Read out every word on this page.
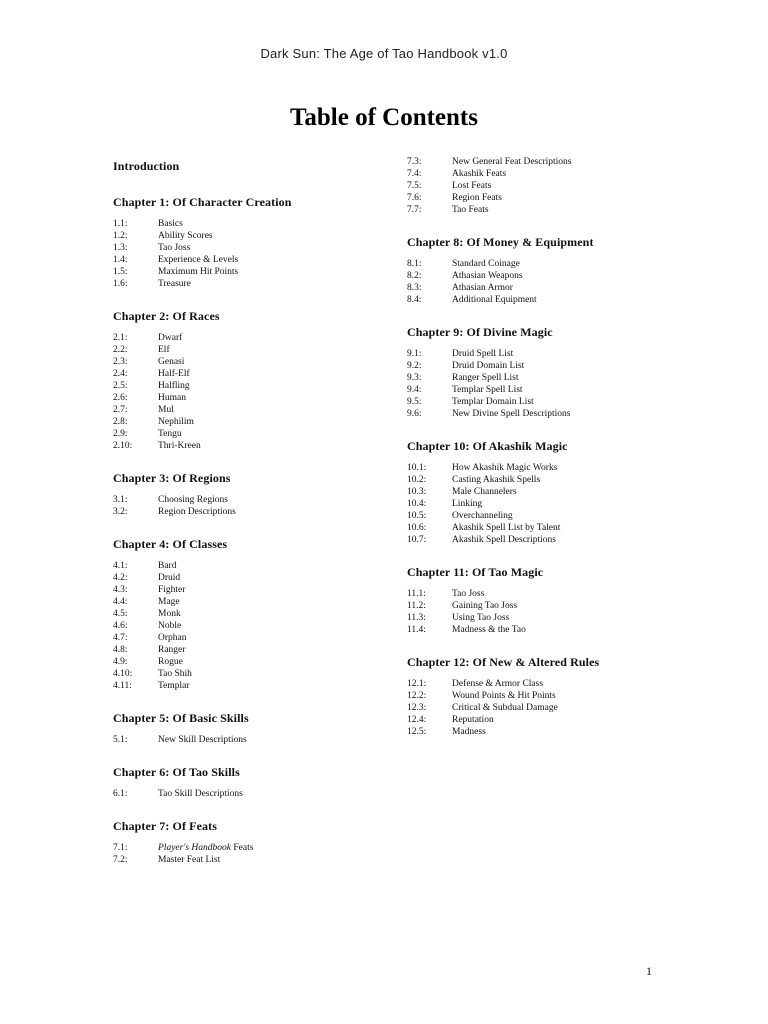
Dark Sun: The Age of Tao Handbook v1.0
Table of Contents
Introduction
Chapter 1: Of Character Creation
1.1:	Basics
1.2:	Ability Scores
1.3:	Tao Joss
1.4:	Experience & Levels
1.5:	Maximum Hit Points
1.6:	Treasure
Chapter 2: Of Races
2.1:	Dwarf
2.2:	Elf
2.3:	Genasi
2.4:	Half-Elf
2.5:	Halfling
2.6:	Human
2.7:	Mul
2.8:	Nephilim
2.9:	Tengu
2.10:	Thri-Kreen
Chapter 3: Of Regions
3.1:	Choosing Regions
3.2:	Region Descriptions
Chapter 4: Of Classes
4.1:	Bard
4.2:	Druid
4.3:	Fighter
4.4:	Mage
4.5:	Monk
4.6:	Noble
4.7:	Orphan
4.8:	Ranger
4.9:	Rogue
4.10:	Tao Shih
4.11:	Templar
Chapter 5: Of Basic Skills
5.1:	New Skill Descriptions
Chapter 6: Of Tao Skills
6.1:	Tao Skill Descriptions
Chapter 7: Of Feats
7.1:	Player's Handbook Feats
7.2:	Master Feat List
7.3:	New General Feat Descriptions
7.4:	Akashik Feats
7.5:	Lost Feats
7.6:	Region Feats
7.7:	Tao Feats
Chapter 8: Of Money & Equipment
8.1:	Standard Coinage
8.2:	Athasian Weapons
8.3:	Athasian Armor
8.4:	Additional Equipment
Chapter 9: Of Divine Magic
9.1:	Druid Spell List
9.2:	Druid Domain List
9.3:	Ranger Spell List
9.4:	Templar Spell List
9.5:	Templar Domain List
9.6:	New Divine Spell Descriptions
Chapter 10: Of Akashik Magic
10.1:	How Akashik Magic Works
10.2:	Casting Akashik Spells
10.3:	Male Channelers
10.4:	Linking
10.5:	Overchanneling
10.6:	Akashik Spell List by Talent
10.7:	Akashik Spell Descriptions
Chapter 11: Of Tao Magic
11.1:	Tao Joss
11.2:	Gaining Tao Joss
11.3:	Using Tao Joss
11.4:	Madness & the Tao
Chapter 12: Of New & Altered Rules
12.1:	Defense & Armor Class
12.2:	Wound Points & Hit Points
12.3:	Critical & Subdual Damage
12.4:	Reputation
12.5:	Madness
1
